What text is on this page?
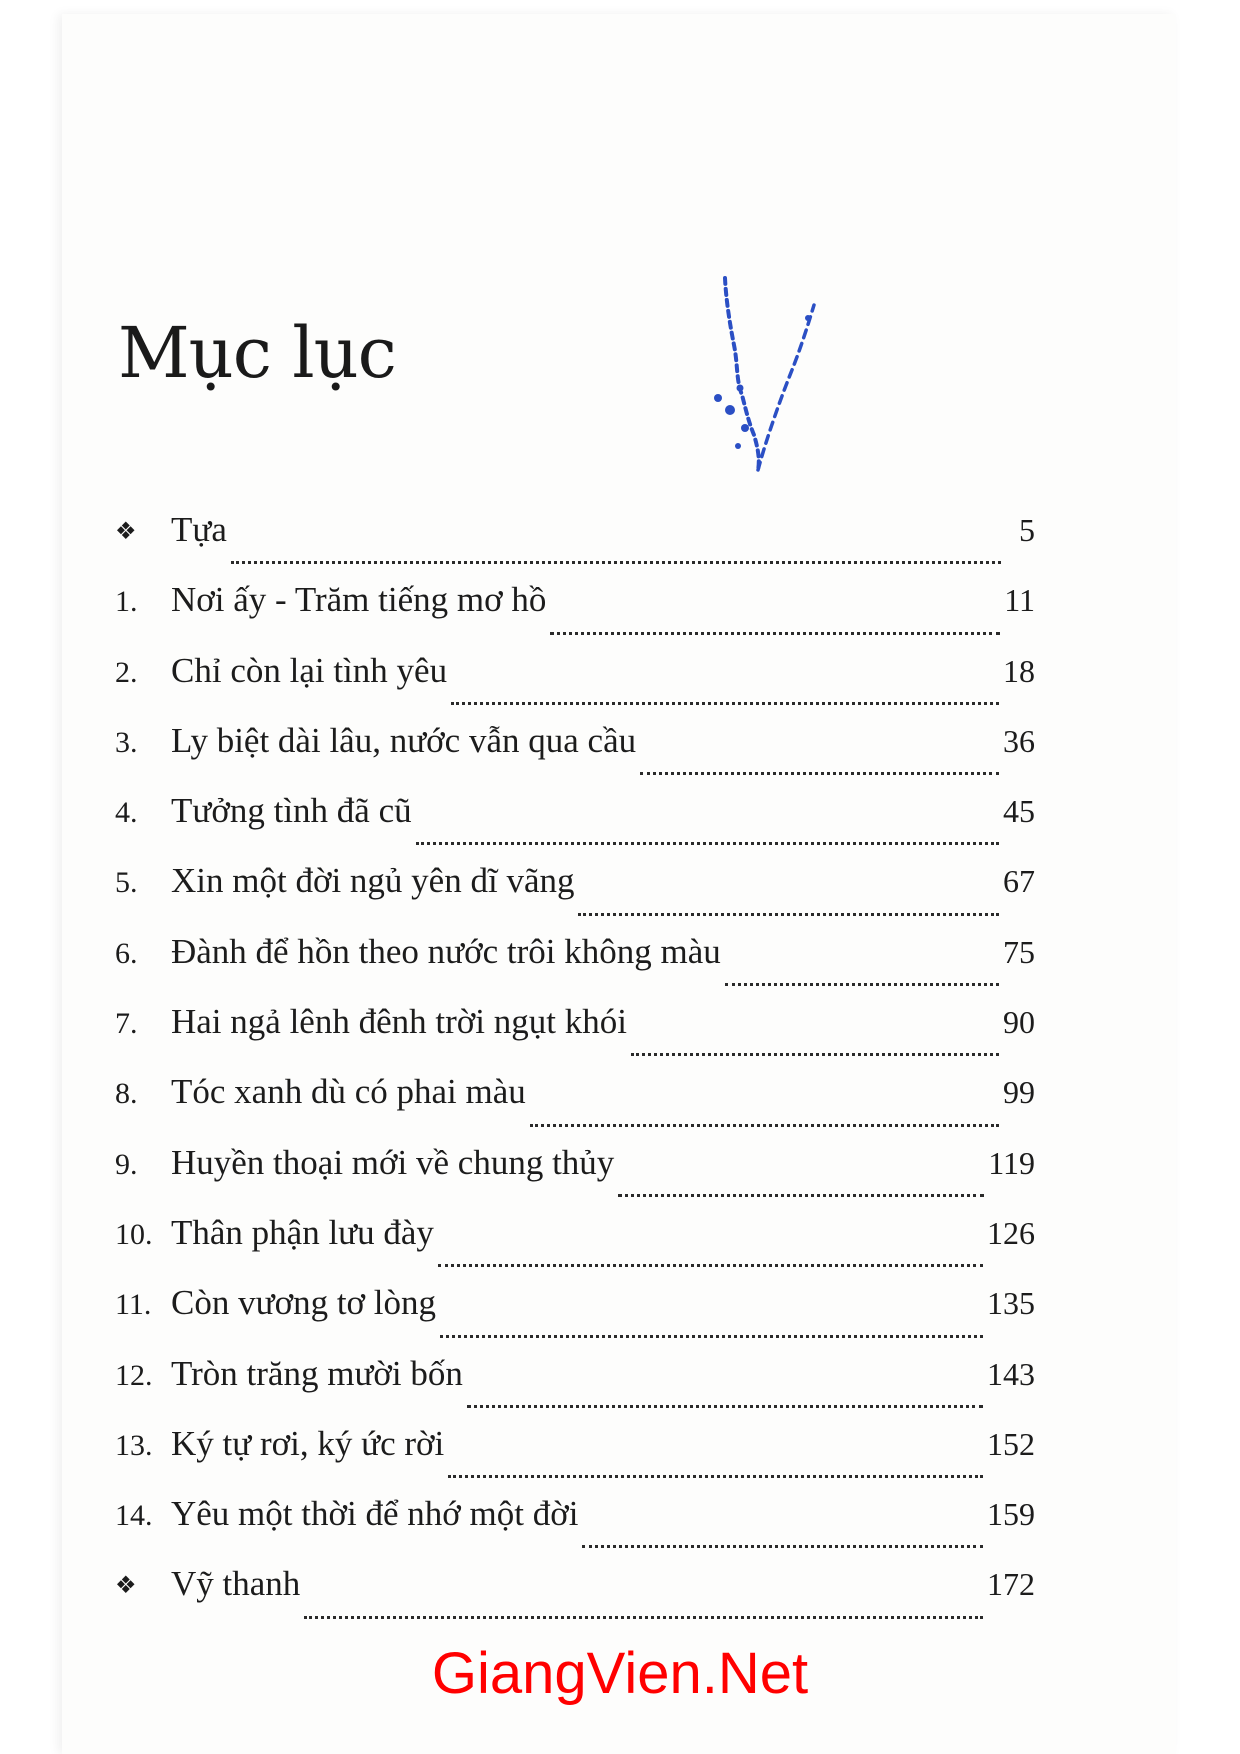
Mục lục
❖ Tựa	5
1. Nơi ấy - Trăm tiếng mơ hồ	11
2. Chỉ còn lại tình yêu	18
3. Ly biệt dài lâu, nước vẫn qua cầu	36
4. Tưởng tình đã cũ	45
5. Xin một đời ngủ yên dĩ vãng	67
6. Đành để hồn theo nước trôi không màu	75
7. Hai ngả lênh đênh trời ngụt khói	90
8. Tóc xanh dù có phai màu	99
9. Huyền thoại mới về chung thủy	119
10. Thân phận lưu đày	126
11. Còn vương tơ lòng	135
12. Tròn trăng mười bốn	143
13. Ký tự rơi, ký ức rời	152
14. Yêu một thời để nhớ một đời	159
❖ Vỹ thanh	172
GiangVien.Net
